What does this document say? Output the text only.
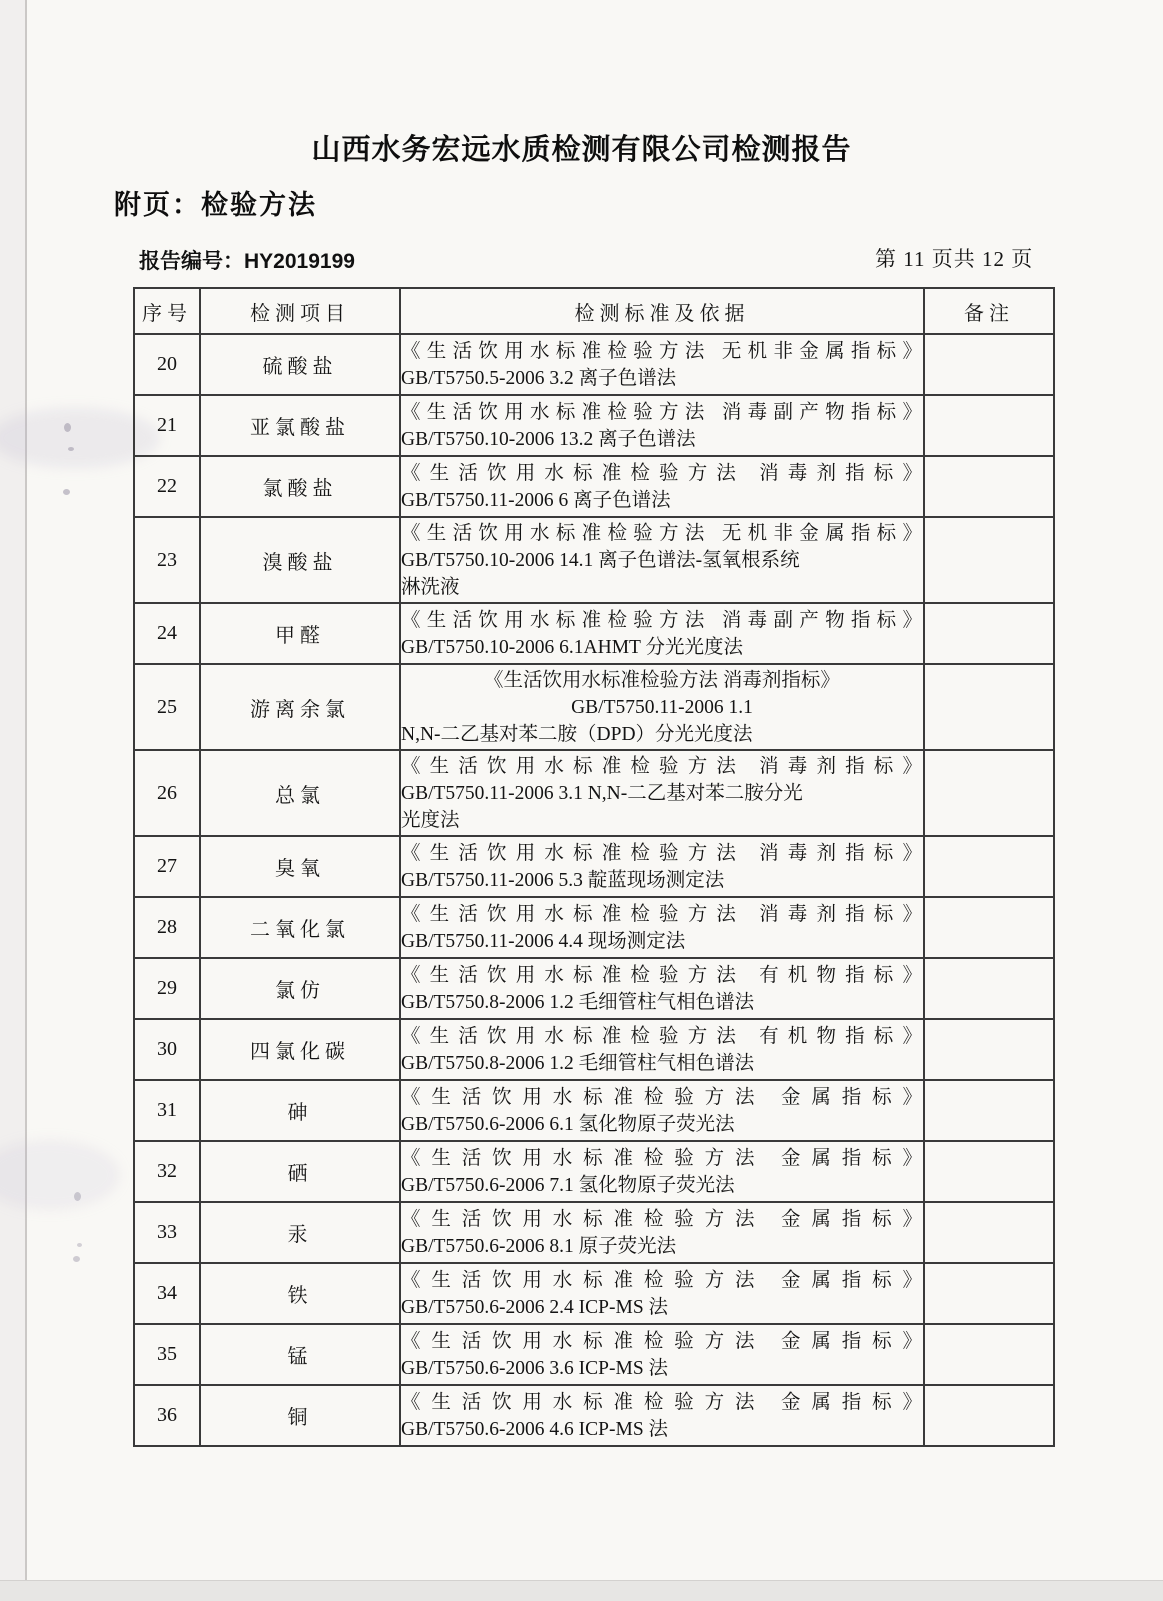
山西水务宏远水质检测有限公司检测报告
附页：检验方法
报告编号：HY2019199	第 11 页共 12 页
序号	检测项目	检测标准及依据	备注
20	硫酸盐	《生活饮用水标准检验方法 无机非金属指标》
GB/T5750.5-2006 3.2 离子色谱法	

21	亚氯酸盐	《生活饮用水标准检验方法 消毒副产物指标》
GB/T5750.10-2006 13.2 离子色谱法	

22	氯酸盐	《生活饮用水标准检验方法 消毒剂指标》
GB/T5750.11-2006 6 离子色谱法	

23	溴酸盐	《生活饮用水标准检验方法 无机非金属指标》
GB/T5750.10-2006 14.1 离子色谱法-氢氧根系统
淋洗液	

24	甲醛	《生活饮用水标准检验方法 消毒副产物指标》
GB/T5750.10-2006 6.1AHMT 分光光度法	

25	游离余氯	《生活饮用水标准检验方法 消毒剂指标》
GB/T5750.11-2006 1.1
N,N-二乙基对苯二胺（DPD）分光光度法	

26	总氯	《生活饮用水标准检验方法 消毒剂指标》
GB/T5750.11-2006 3.1 N,N-二乙基对苯二胺分光
光度法	

27	臭氧	《生活饮用水标准检验方法 消毒剂指标》
GB/T5750.11-2006 5.3 靛蓝现场测定法	

28	二氧化氯	《生活饮用水标准检验方法 消毒剂指标》
GB/T5750.11-2006 4.4 现场测定法	

29	氯仿	《生活饮用水标准检验方法 有机物指标》
GB/T5750.8-2006 1.2 毛细管柱气相色谱法	

30	四氯化碳	《生活饮用水标准检验方法 有机物指标》
GB/T5750.8-2006 1.2 毛细管柱气相色谱法	

31	砷	《生活饮用水标准检验方法 金属指标》
GB/T5750.6-2006 6.1 氢化物原子荧光法	

32	硒	《生活饮用水标准检验方法 金属指标》
GB/T5750.6-2006 7.1 氢化物原子荧光法	

33	汞	《生活饮用水标准检验方法 金属指标》
GB/T5750.6-2006 8.1 原子荧光法	

34	铁	《生活饮用水标准检验方法 金属指标》
GB/T5750.6-2006 2.4 ICP-MS 法	

35	锰	《生活饮用水标准检验方法 金属指标》
GB/T5750.6-2006 3.6 ICP-MS 法	

36	铜	《生活饮用水标准检验方法 金属指标》
GB/T5750.6-2006 4.6 ICP-MS 法	
